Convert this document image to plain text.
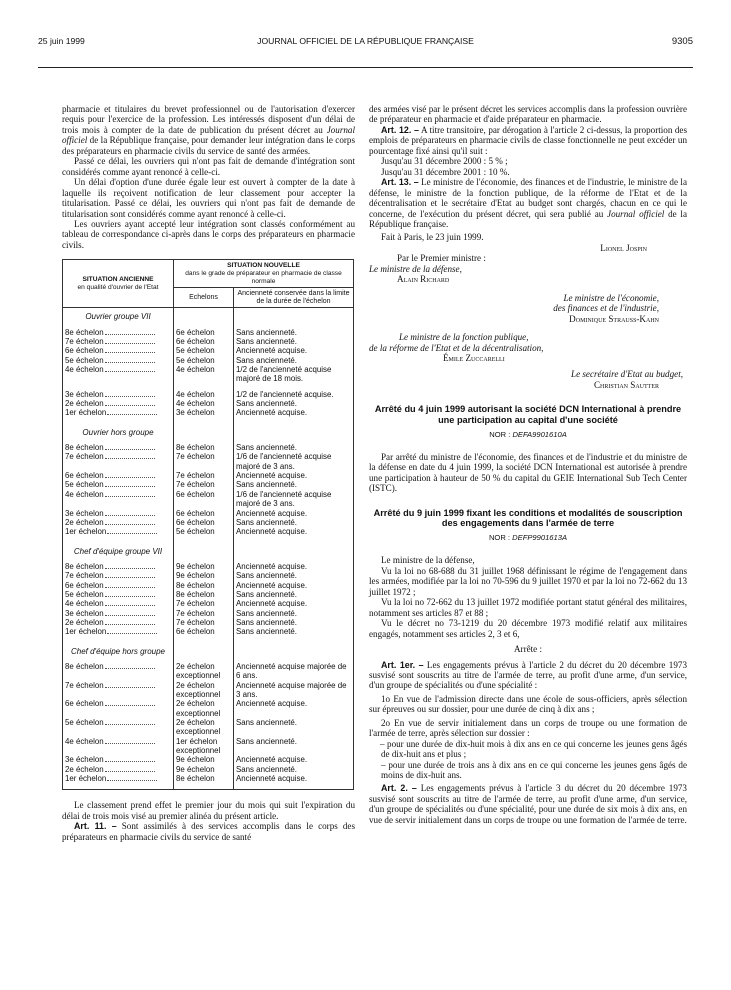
25 juin 1999	JOURNAL OFFICIEL DE LA RÉPUBLIQUE FRANÇAISE	9305

pharmacie et titulaires du brevet professionnel ou de l'autorisation d'exercer requis pour l'exercice de la profession. Les intéressés disposent d'un délai de trois mois à compter de la date de publication du présent décret au Journal officiel de la République française, pour demander leur intégration dans le corps des préparateurs en pharmacie civils du service de santé des armées.

Passé ce délai, les ouvriers qui n'ont pas fait de demande d'intégration sont considérés comme ayant renoncé à celle-ci.

Un délai d'option d'une durée égale leur est ouvert à compter de la date à laquelle ils reçoivent notification de leur classement pour accepter la titularisation. Passé ce délai, les ouvriers qui n'ont pas fait de demande de titularisation sont considérés comme ayant renoncé à celle-ci.

Les ouvriers ayant accepté leur intégration sont classés conformément au tableau de correspondance ci-après dans le corps des préparateurs en pharmacie civils.

SITUATION ANCIENNE
en qualité d'ouvrier de l'Etat	SITUATION NOUVELLE
dans le grade de préparateur en pharmacie de classe normale	
	Echelons	Ancienneté conservée dans la limite de la durée de l'échelon
Ouvrier groupe VII		

8e échelon	6e échelon	Sans ancienneté.
7e échelon	6e échelon	Sans ancienneté.
6e échelon	5e échelon	Ancienneté acquise.
5e échelon	5e échelon	Sans ancienneté.
4e échelon	4e échelon	1/2 de l'ancienneté acquise majoré de 18 mois.

3e échelon	4e échelon	1/2 de l'ancienneté acquise.
2e échelon	4e échelon	Sans ancienneté.
1er échelon	3e échelon	Ancienneté acquise.

Ouvrier hors groupe		

8e échelon	8e échelon	Sans ancienneté.
7e échelon	7e échelon	1/6 de l'ancienneté acquise majoré de 3 ans.
6e échelon	7e échelon	Ancienneté acquise.
5e échelon	7e échelon	Sans ancienneté.
4e échelon	6e échelon	1/6 de l'ancienneté acquise majoré de 3 ans.
3e échelon	6e échelon	Ancienneté acquise.
2e échelon	6e échelon	Sans ancienneté.
1er échelon	5e échelon	Ancienneté acquise.

Chef d'équipe groupe VII		

8e échelon	9e échelon	Ancienneté acquise.
7e échelon	9e échelon	Sans ancienneté.
6e échelon	8e échelon	Ancienneté acquise.
5e échelon	8e échelon	Sans ancienneté.
4e échelon	7e échelon	Ancienneté acquise.
3e échelon	7e échelon	Sans ancienneté.
2e échelon	7e échelon	Sans ancienneté.
1er échelon	6e échelon	Sans ancienneté.

Chef d'équipe hors groupe		

8e échelon	2e échelon exceptionnel	Ancienneté acquise majorée de 6 ans.
7e échelon	2e échelon exceptionnel	Ancienneté acquise majorée de 3 ans.
6e échelon	2e échelon exceptionnel	Ancienneté acquise.
5e échelon	2e échelon exceptionnel	Sans ancienneté.
4e échelon	1er échelon exceptionnel	Sans ancienneté.
3e échelon	9e échelon	Ancienneté acquise.
2e échelon	9e échelon	Sans ancienneté.
1er échelon	8e échelon	Ancienneté acquise.

Le classement prend effet le premier jour du mois qui suit l'expiration du délai de trois mois visé au premier alinéa du présent article.

Art. 11. – Sont assimilés à des services accomplis dans le corps des préparateurs en pharmacie civils du service de santé

des armées visé par le présent décret les services accomplis dans la profession ouvrière de préparateur en pharmacie et d'aide préparateur en pharmacie.

Art. 12. – A titre transitoire, par dérogation à l'article 2 ci-dessus, la proportion des emplois de préparateurs en pharmacie civils de classe fonctionnelle ne peut excéder un pourcentage fixé ainsi qu'il suit :

Jusqu'au 31 décembre 2000 : 5 % ;

Jusqu'au 31 décembre 2001 : 10 %.

Art. 13. – Le ministre de l'économie, des finances et de l'industrie, le ministre de la défense, le ministre de la fonction publique, de la réforme de l'Etat et de la décentralisation et le secrétaire d'Etat au budget sont chargés, chacun en ce qui le concerne, de l'exécution du présent décret, qui sera publié au Journal officiel de la République française.

Fait à Paris, le 23 juin 1999.

Lionel Jospin

Par le Premier ministre :

Le ministre de la défense,

Alain Richard

Le ministre de l'économie,

des finances et de l'industrie,

Dominique Strauss-Kahn

Le ministre de la fonction publique,

de la réforme de l'Etat et de la décentralisation,

Émile Zuccarelli

Le secrétaire d'Etat au budget,

Christian Sautter

Arrêté du 4 juin 1999 autorisant la société DCN International à prendre une participation au capital d'une société

NOR : DEFA9901610A

Par arrêté du ministre de l'économie, des finances et de l'industrie et du ministre de la défense en date du 4 juin 1999, la société DCN International est autorisée à prendre une participation à hauteur de 50 % du capital du GEIE International Sub Tech Center (ISTC).

Arrêté du 9 juin 1999 fixant les conditions et modalités de souscription des engagements dans l'armée de terre

NOR : DEFP9901613A

Le ministre de la défense,

Vu la loi no 68-688 du 31 juillet 1968 définissant le régime de l'engagement dans les armées, modifiée par la loi no 70-596 du 9 juillet 1970 et par la loi no 72-662 du 13 juillet 1972 ;

Vu la loi no 72-662 du 13 juillet 1972 modifiée portant statut général des militaires, notamment ses articles 87 et 88 ;

Vu le décret no 73-1219 du 20 décembre 1973 modifié relatif aux militaires engagés, notamment ses articles 2, 3 et 6,

Arrête :

Art. 1er. – Les engagements prévus à l'article 2 du décret du 20 décembre 1973 susvisé sont souscrits au titre de l'armée de terre, au profit d'une arme, d'un service, d'un groupe de spécialités ou d'une spécialité :

1o En vue de l'admission directe dans une école de sous-officiers, après sélection sur épreuves ou sur dossier, pour une durée de cinq à dix ans ;

2o En vue de servir initialement dans un corps de troupe ou une formation de l'armée de terre, après sélection sur dossier :

– pour une durée de dix-huit mois à dix ans en ce qui concerne les jeunes gens âgés de dix-huit ans et plus ;

– pour une durée de trois ans à dix ans en ce qui concerne les jeunes gens âgés de moins de dix-huit ans.

Art. 2. – Les engagements prévus à l'article 3 du décret du 20 décembre 1973 susvisé sont souscrits au titre de l'armée de terre, au profit d'une arme, d'un service, d'un groupe de spécialités ou d'une spécialité, pour une durée de six mois à dix ans, en vue de servir initialement dans un corps de troupe ou une formation de l'armée de terre.
